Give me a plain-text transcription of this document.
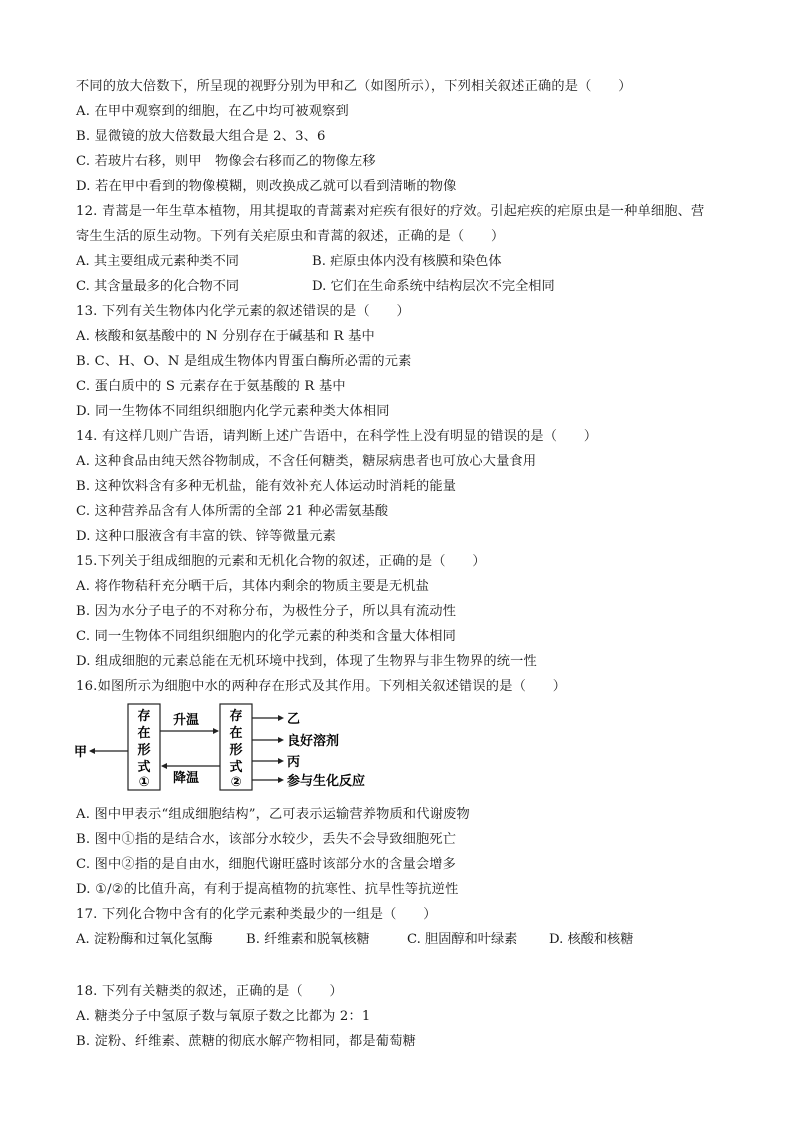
不同的放大倍数下，所呈现的视野分别为甲和乙（如图所示），下列相关叙述正确的是（　　）
A. 在甲中观察到的细胞，在乙中均可被观察到
B. 显微镜的放大倍数最大组合是 2、3、6
C. 若玻片右移，则甲　物像会右移而乙的物像左移
D. 若在甲中看到的物像模糊，则改换成乙就可以看到清晰的物像
12. 青蒿是一年生草本植物，用其提取的青蒿素对疟疾有很好的疗效。引起疟疾的疟原虫是一种单细胞、营
寄生生活的原生动物。下列有关疟原虫和青蒿的叙述，正确的是（　　）
A. 其主要组成元素种类不同	B. 疟原虫体内没有核膜和染色体
C. 其含量最多的化合物不同	D. 它们在生命系统中结构层次不完全相同
13. 下列有关生物体内化学元素的叙述错误的是（　　）
A. 核酸和氨基酸中的 N 分别存在于碱基和 R 基中
B. C、H、O、N 是组成生物体内胃蛋白酶所必需的元素
C. 蛋白质中的 S 元素存在于氨基酸的 R 基中
D. 同一生物体不同组织细胞内化学元素种类大体相同
14. 有这样几则广告语，请判断上述广告语中，在科学性上没有明显的错误的是（　　）
A. 这种食品由纯天然谷物制成，不含任何糖类，糖尿病患者也可放心大量食用
B. 这种饮料含有多种无机盐，能有效补充人体运动时消耗的能量
C. 这种营养品含有人体所需的全部 21 种必需氨基酸
D. 这种口服液含有丰富的铁、锌等微量元素
15.下列关于组成细胞的元素和无机化合物的叙述，正确的是（　　）
A. 将作物秸秆充分晒干后，其体内剩余的物质主要是无机盐
B. 因为水分子电子的不对称分布，为极性分子，所以具有流动性
C. 同一生物体不同组织细胞内的化学元素的种类和含量大体相同
D. 组成细胞的元素总能在无机环境中找到，体现了生物界与非生物界的统一性
16.如图所示为细胞中水的两种存在形式及其作用。下列相关叙述错误的是（　　）
存
在
形
式
①
存
在
形
式
②
甲
升温
降温
乙
良好溶剂
丙
参与生化反应
A. 图中甲表示“组成细胞结构”，乙可表示运输营养物质和代谢废物
B. 图中①指的是结合水，该部分水较少，丢失不会导致细胞死亡
C. 图中②指的是自由水，细胞代谢旺盛时该部分水的含量会增多
D. ①/②的比值升高，有利于提高植物的抗寒性、抗旱性等抗逆性
17. 下列化合物中含有的化学元素种类最少的一组是（　　）
A. 淀粉酶和过氧化氢酶	B. 纤维素和脱氧核糖	C. 胆固醇和叶绿素 D. 核酸和核糖
18. 下列有关糖类的叙述，正确的是（　　）
A. 糖类分子中氢原子数与氧原子数之比都为 2：1
B. 淀粉、纤维素、蔗糖的彻底水解产物相同，都是葡萄糖
